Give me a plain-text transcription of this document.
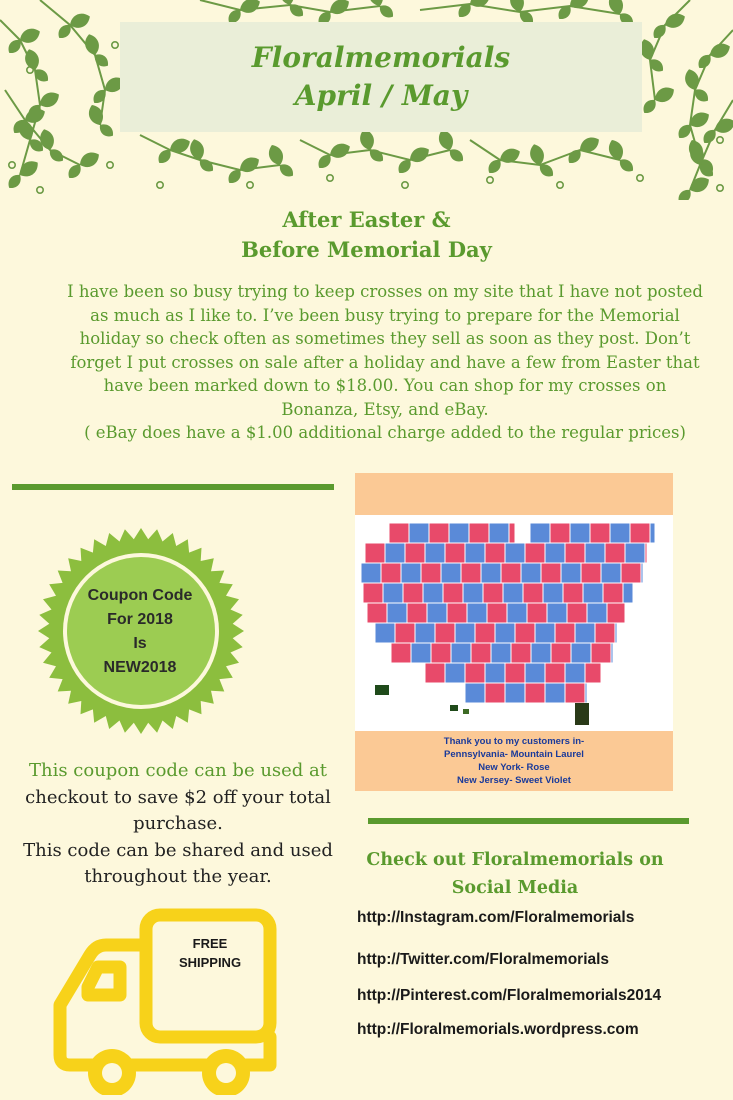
Floralmemorials
April / May
After Easter &
Before Memorial Day
I have been so busy trying to keep crosses on my site that I have not posted
as much as I like to. I’ve been busy trying to prepare for the Memorial
holiday so check often as sometimes they sell as soon as they post. Don’t
forget I put crosses on sale after a holiday and have a few from Easter that
have been marked down to $18.00. You can shop for my crosses on
Bonanza, Etsy, and eBay.
( eBay does have a $1.00 additional charge added to the regular prices)
Coupon Code
For 2018
Is
NEW2018
This coupon code can be used at
checkout to save $2 off your total
purchase.
This code can be shared and used
throughout the year.
Thank you to my customers in-
Pennsylvania- Mountain Laurel
New York- Rose
New Jersey- Sweet Violet
Check out Floralmemorials on
Social Media
http://Instagram.com/Floralmemorials
http://Twitter.com/Floralmemorials
http://Pinterest.com/Floralmemorials2014
http://Floralmemorials.wordpress.com
FREE
SHIPPING
